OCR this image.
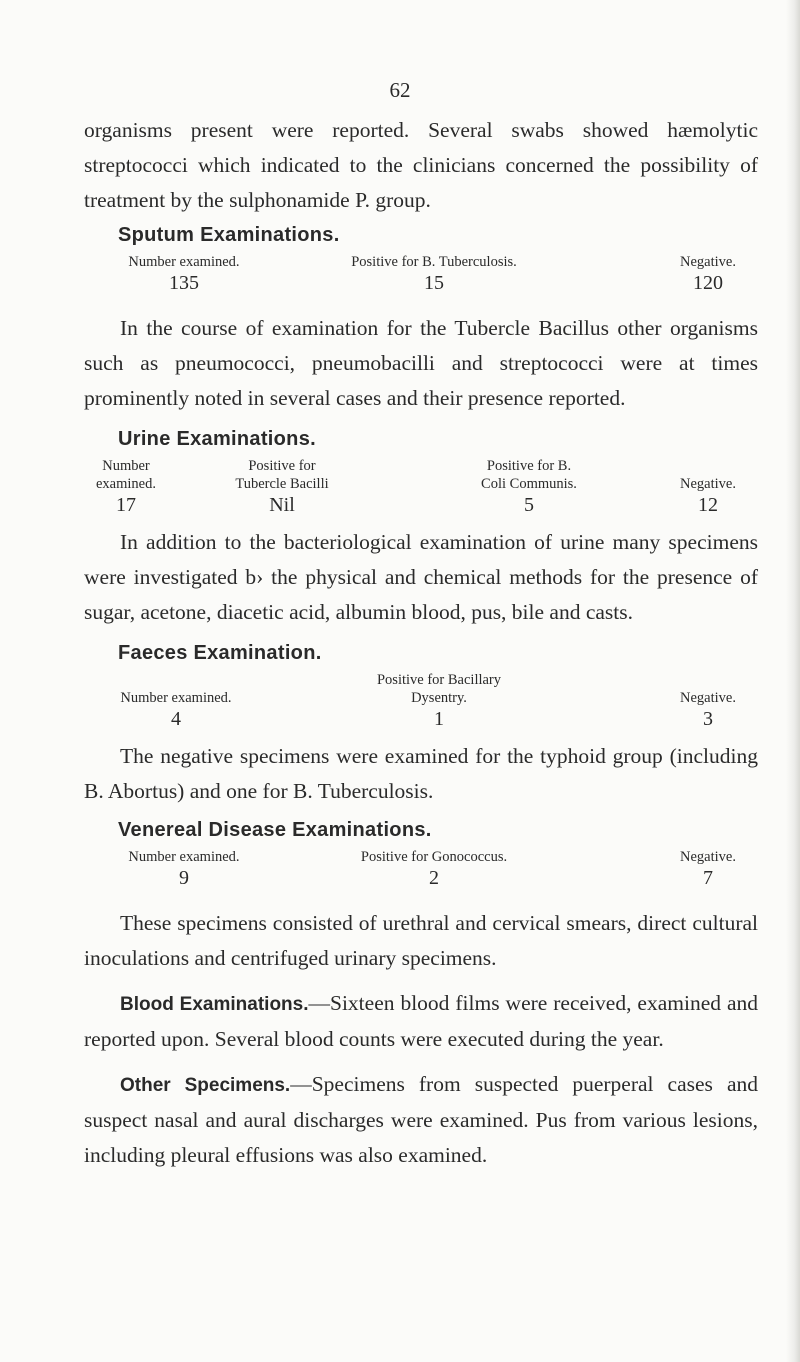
62

organisms present were reported. Several swabs showed hæmolytic streptococci which indicated to the clinicians concerned the possibility of treatment by the sulphonamide P. group.

Sputum Examinations.
Number examined.
135
Positive for B. Tuberculosis.
15
Negative.
120

In the course of examination for the Tubercle Bacillus other organisms such as pneumococci, pneumobacilli and streptococci were at times prominently noted in several cases and their presence reported.

Urine Examinations.
Number
examined.
17
Positive for
Tubercle Bacilli
Nil
Positive for B.
Coli Communis.
5

Negative.
12

In addition to the bacteriological examination of urine many specimens were investigated b› the physical and chemical methods for the presence of sugar, acetone, diacetic acid, albumin blood, pus, bile and casts.

Faeces Examination.

Number examined.
4
Positive for Bacillary
Dysentry.
1

Negative.
3

The negative specimens were examined for the typhoid group (including B. Abortus) and one for B. Tuberculosis.

Venereal Disease Examinations.
Number examined.
9
Positive for Gonococcus.
2
Negative.
7

These specimens consisted of urethral and cervical smears, direct cultural inoculations and centrifuged urinary specimens.

Blood Examinations.—Sixteen blood films were received, examined and reported upon. Several blood counts were executed during the year.

Other Specimens.—Specimens from suspected puerperal cases and suspect nasal and aural discharges were examined. Pus from various lesions, including pleural effusions was also examined.
